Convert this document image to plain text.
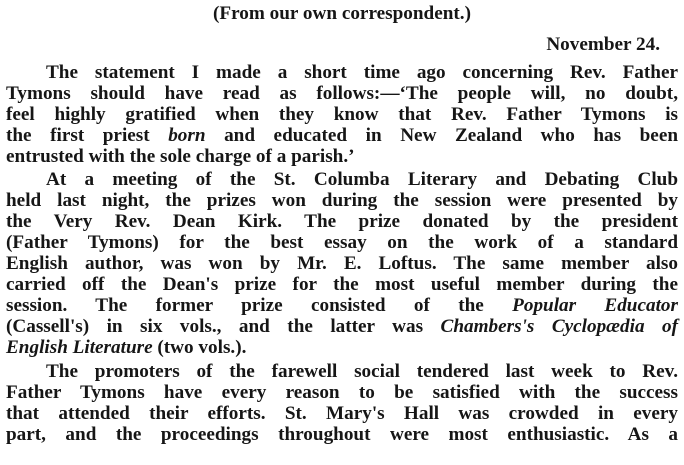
(From our own correspondent.)
November 24.
The statement I made a short time ago concerning Rev. Father
Tymons should have read as follows:—‘The people will, no doubt,
feel highly gratified when they know that Rev. Father Tymons is
the first priest born and educated in New Zealand who has been
entrusted with the sole charge of a parish.’
At a meeting of the St. Columba Literary and Debating Club
held last night, the prizes won during the session were presented by
the Very Rev. Dean Kirk. The prize donated by the president
(Father Tymons) for the best essay on the work of a standard
English author, was won by Mr. E. Loftus. The same member also
carried off the Dean's prize for the most useful member during the
session. The former prize consisted of the Popular Educator
(Cassell's) in six vols., and the latter was Chambers's Cyclopædia of
English Literature (two vols.).
The promoters of the farewell social tendered last week to Rev.
Father Tymons have every reason to be satisfied with the success
that attended their efforts. St. Mary's Hall was crowded in every
part, and the proceedings throughout were most enthusiastic. As a
